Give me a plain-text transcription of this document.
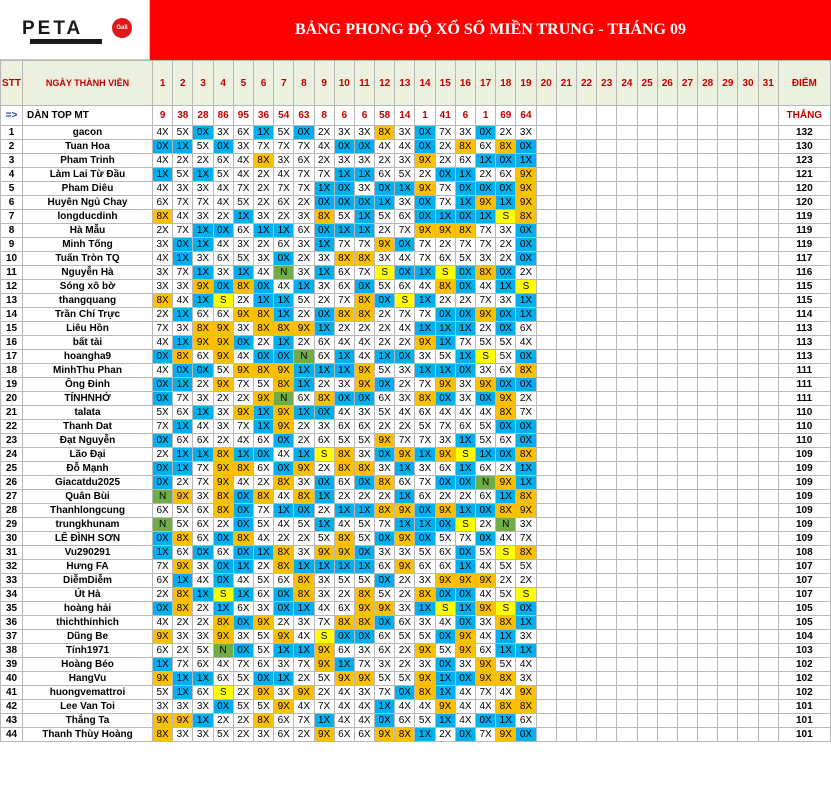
PETA	Gali	BẢNG PHONG ĐỘ XỔ SỐ MIỀN TRUNG - THÁNG 09
STT	NGÀY THÀNH VIÊN	1	2	3	4	5	6	7	8	9	10	11	12	13	14	15	16	17	18	19	20	21	22	23	24	25	26	27	28	29	30	31	ĐIỂM
=>	DÀN TOP MT	9	38	28	86	95	36	54	63	8	6	6	58	14	1	41	6	1	69	64													THẮNG
1	gacon	4X	5X	0X	3X	6X	1X	5X	0X	2X	3X	3X	8X	3X	0X	7X	3X	0X	2X	3X													132
2	Tuan Hoa	0X	1X	5X	0X	3X	7X	7X	7X	4X	0X	0X	4X	4X	0X	2X	8X	6X	8X	0X													130
3	Pham Trinh	4X	2X	2X	6X	4X	8X	3X	6X	2X	3X	3X	2X	3X	9X	2X	6X	1X	0X	1X													123
4	Làm Lai Từ Đầu	1X	5X	1X	5X	4X	2X	4X	7X	7X	1X	1X	6X	5X	2X	0X	1X	2X	6X	9X													121
5	Pham Diêu	4X	3X	3X	4X	7X	2X	7X	7X	1X	0X	3X	0X	1X	9X	7X	0X	0X	0X	9X													120
6	Huyên Ngủ Chay	6X	7X	7X	4X	5X	2X	6X	2X	0X	0X	0X	1X	3X	0X	7X	1X	9X	1X	9X													120
7	longducdinh	8X	4X	3X	2X	1X	3X	2X	3X	8X	5X	1X	5X	6X	0X	1X	0X	1X	S	8X													119
8	Hà Mẫu	2X	7X	1X	0X	6X	1X	1X	6X	0X	1X	1X	2X	7X	9X	9X	8X	7X	3X	0X													119
9	Minh Tống	3X	0X	1X	4X	3X	2X	6X	3X	1X	7X	7X	9X	0X	7X	2X	7X	7X	2X	0X													119
10	Tuấn Tròn TQ	4X	1X	3X	6X	5X	3X	0X	2X	3X	8X	8X	3X	4X	7X	6X	5X	3X	2X	0X													117
11	Nguyễn Hà	3X	7X	1X	3X	1X	4X	N	3X	1X	6X	7X	S	0X	1X	S	0X	8X	0X	2X													116
12	Sóng xô bờ	3X	3X	9X	0X	8X	0X	4X	1X	3X	6X	0X	5X	6X	4X	8X	0X	4X	1X	S													115
13	thangquang	8X	4X	1X	S	2X	1X	1X	5X	2X	7X	8X	0X	S	1X	2X	2X	7X	3X	1X													115
14	Trần Chí Trực	2X	1X	6X	6X	9X	8X	1X	2X	0X	8X	8X	2X	7X	7X	0X	0X	9X	0X	1X													114
15	Liêu Hồn	7X	3X	8X	9X	3X	8X	8X	9X	1X	2X	2X	2X	4X	1X	1X	1X	2X	0X	6X													113
16	bất tài	4X	1X	9X	9X	0X	2X	1X	2X	6X	4X	4X	2X	2X	9X	1X	7X	5X	5X	4X													113
17	hoangha9	0X	8X	6X	9X	4X	0X	0X	N	6X	1X	4X	1X	0X	3X	5X	1X	S	5X	0X													113
18	MinhThu Phan	4X	0X	0X	5X	9X	8X	9X	1X	1X	1X	9X	5X	3X	1X	1X	0X	3X	6X	8X													111
19	Ông Đinh	0X	1X	2X	9X	7X	5X	8X	1X	2X	3X	9X	0X	2X	7X	9X	3X	9X	0X	0X													111
20	TÍNHNHỚ	0X	7X	3X	2X	2X	9X	N	6X	8X	0X	0X	6X	3X	8X	0X	3X	0X	9X	2X													111
21	talata	5X	6X	1X	3X	9X	1X	9X	1X	0X	4X	3X	5X	4X	6X	4X	4X	4X	8X	7X													110
22	Thanh Dat	7X	1X	4X	3X	7X	1X	9X	2X	3X	6X	6X	2X	2X	5X	7X	6X	5X	0X	0X													110
23	Đạt Nguyễn	0X	6X	6X	2X	4X	6X	0X	2X	6X	5X	5X	9X	7X	7X	3X	1X	5X	6X	0X													110
24	Lão Đại	2X	1X	1X	8X	1X	0X	4X	1X	S	8X	3X	0X	9X	1X	9X	S	1X	0X	8X													109
25	Đỗ Mạnh	0X	1X	7X	9X	8X	6X	0X	9X	2X	8X	8X	3X	1X	3X	6X	1X	6X	2X	1X													109
26	Giacatdu2025	0X	2X	7X	9X	4X	2X	8X	3X	0X	6X	0X	8X	6X	7X	0X	0X	N	9X	1X													109
27	Quân Bùi	N	9X	3X	8X	0X	8X	4X	8X	1X	2X	2X	2X	1X	6X	2X	2X	6X	1X	8X													109
28	Thanhlongcung	6X	5X	6X	8X	0X	7X	1X	0X	2X	1X	1X	8X	9X	0X	9X	1X	0X	8X	9X													109
29	trungkhunam	N	5X	6X	2X	0X	5X	4X	5X	1X	4X	5X	7X	1X	1X	0X	S	2X	N	3X													109
30	LÊ ĐÌNH SƠN	0X	8X	6X	0X	8X	4X	2X	2X	5X	8X	5X	0X	9X	0X	5X	7X	0X	4X	7X													109
31	Vu290291	1X	6X	0X	6X	0X	1X	8X	3X	9X	9X	0X	3X	3X	5X	6X	0X	5X	S	8X													108
32	Hưng FA	7X	9X	3X	0X	1X	2X	8X	1X	1X	1X	1X	6X	9X	6X	6X	1X	4X	5X	5X													107
33	DiễmDiễm	6X	1X	4X	0X	4X	5X	6X	8X	3X	5X	5X	0X	2X	3X	9X	9X	9X	2X	2X													107
34	Út Hà	2X	8X	1X	S	1X	6X	0X	8X	3X	2X	8X	5X	2X	8X	0X	0X	4X	5X	S													107
35	hoàng hải	0X	8X	2X	1X	6X	3X	0X	1X	4X	6X	9X	9X	3X	1X	S	1X	9X	S	0X													105
36	thichthinhich	4X	2X	2X	8X	0X	9X	2X	3X	7X	8X	8X	0X	6X	3X	4X	0X	3X	8X	1X													105
37	Dũng Be	9X	3X	3X	9X	3X	5X	9X	4X	S	0X	0X	6X	5X	5X	0X	9X	4X	1X	3X													104
38	Tính1971	6X	2X	5X	N	0X	5X	1X	1X	9X	6X	3X	6X	2X	9X	5X	9X	6X	1X	1X													103
39	Hoàng Béo	1X	7X	6X	4X	7X	6X	3X	7X	9X	1X	7X	3X	2X	3X	0X	3X	9X	5X	4X													102
40	HangVu	9X	1X	1X	6X	5X	0X	1X	2X	5X	9X	9X	5X	5X	9X	1X	0X	9X	8X	3X													102
41	huongvemattroi	5X	1X	6X	S	2X	9X	3X	9X	2X	4X	3X	7X	0X	8X	1X	4X	7X	4X	9X													102
42	Lee Van Toi	3X	3X	3X	0X	5X	5X	9X	4X	7X	4X	4X	1X	4X	4X	9X	4X	4X	8X	8X													101
43	Thắng Ta	9X	9X	1X	2X	2X	8X	6X	7X	1X	4X	4X	0X	6X	5X	1X	4X	0X	1X	6X													101
44	Thanh Thùy Hoàng	8X	3X	3X	5X	2X	3X	6X	2X	9X	6X	6X	9X	8X	1X	2X	0X	7X	9X	0X													101
